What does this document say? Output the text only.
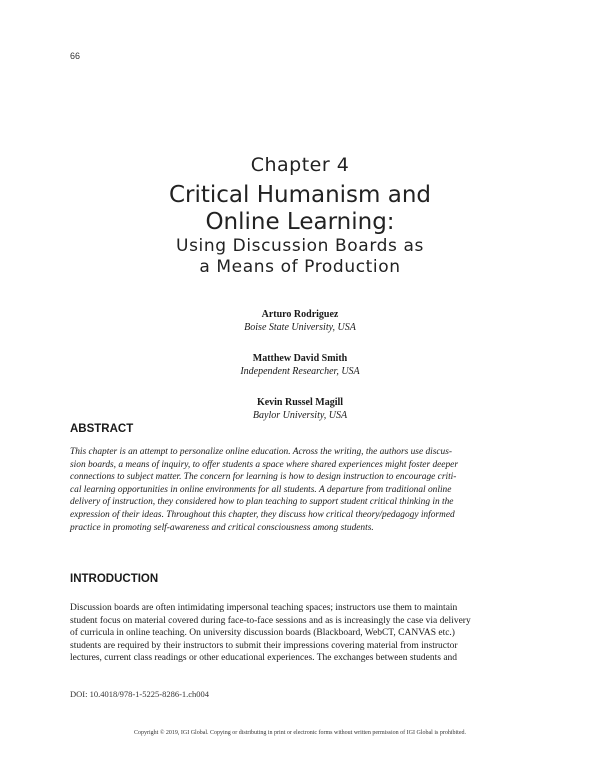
66
Chapter 4
Critical Humanism and
Online Learning:
Using Discussion Boards as
a Means of Production
Arturo Rodriguez
Boise State University, USA
Matthew David Smith
Independent Researcher, USA
Kevin Russel Magill
Baylor University, USA
ABSTRACT
This chapter is an attempt to personalize online education. Across the writing, the authors use discus-
sion boards, a means of inquiry, to offer students a space where shared experiences might foster deeper
connections to subject matter. The concern for learning is how to design instruction to encourage criti-
cal learning opportunities in online environments for all students. A departure from traditional online
delivery of instruction, they considered how to plan teaching to support student critical thinking in the
expression of their ideas. Throughout this chapter, they discuss how critical theory/pedagogy informed
practice in promoting self-awareness and critical consciousness among students.
INTRODUCTION
Discussion boards are often intimidating impersonal teaching spaces; instructors use them to maintain
student focus on material covered during face-to-face sessions and as is increasingly the case via delivery
of curricula in online teaching. On university discussion boards (Blackboard, WebCT, CANVAS etc.)
students are required by their instructors to submit their impressions covering material from instructor
lectures, current class readings or other educational experiences. The exchanges between students and
DOI: 10.4018/978-1-5225-8286-1.ch004
Copyright © 2019, IGI Global. Copying or distributing in print or electronic forms without written permission of IGI Global is prohibited.
